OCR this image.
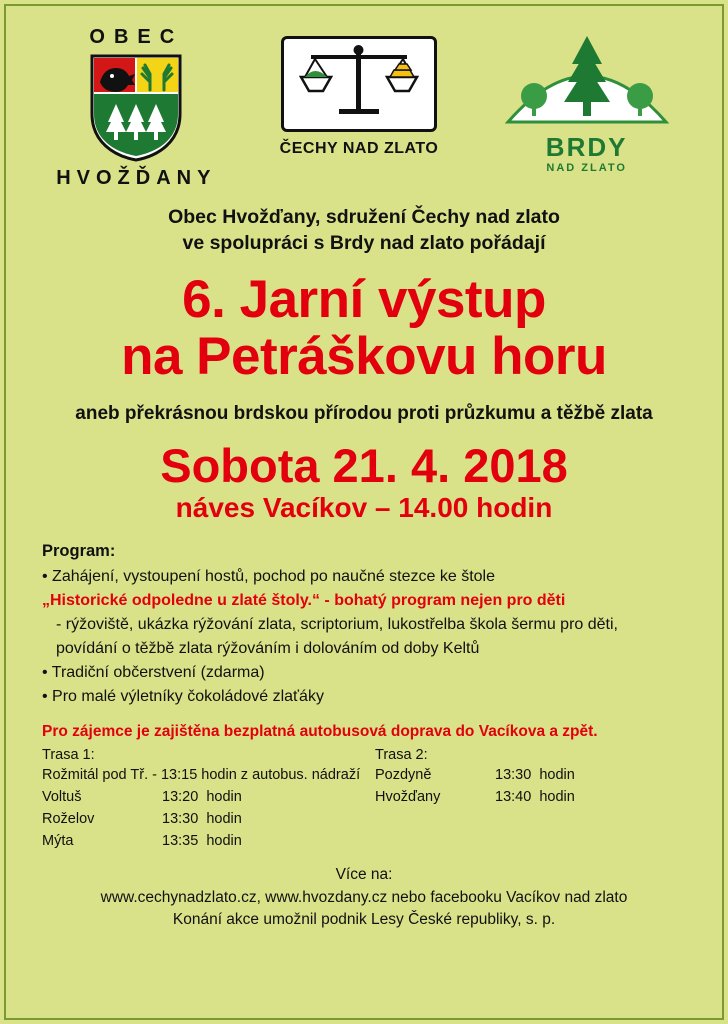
OBEC
HVOŽĎANY
ČECHY NAD ZLATO	BRDY
NAD ZLATO
Obec Hvožďany, sdružení Čechy nad zlato
ve spolupráci s Brdy nad zlato pořádají
6. Jarní výstup
na Petráškovu horu
aneb překrásnou brdskou přírodou proti průzkumu a těžbě zlata
Sobota 21. 4. 2018
náves Vacíkov – 14.00 hodin
Program:
• Zahájení, vystoupení hostů, pochod po naučné stezce ke štole
„Historické odpoledne u zlaté štoly.“ - bohatý program nejen pro děti
- rýžoviště, ukázka rýžování zlata, scriptorium, lukostřelba škola šermu pro děti,
povídání o těžbě zlata rýžováním i dolováním od doby Keltů
• Tradiční občerstvení (zdarma)
• Pro malé výletníky čokoládové zlaťáky
Pro zájemce je zajištěna bezplatná autobusová doprava do Vacíkova a zpět.
Trasa 1:
Rožmitál pod Tř. - 13:15 hodin z autobus. nádraží
Voltuš	13:20  hodin
Roželov	13:30  hodin
Mýta	13:35  hodin
Trasa 2:
Pozdyně	13:30  hodin
Hvožďany	13:40  hodin
Více na:
www.cechynadzlato.cz, www.hvozdany.cz nebo facebooku Vacíkov nad zlato
Konání akce umožnil podnik Lesy České republiky, s. p.
